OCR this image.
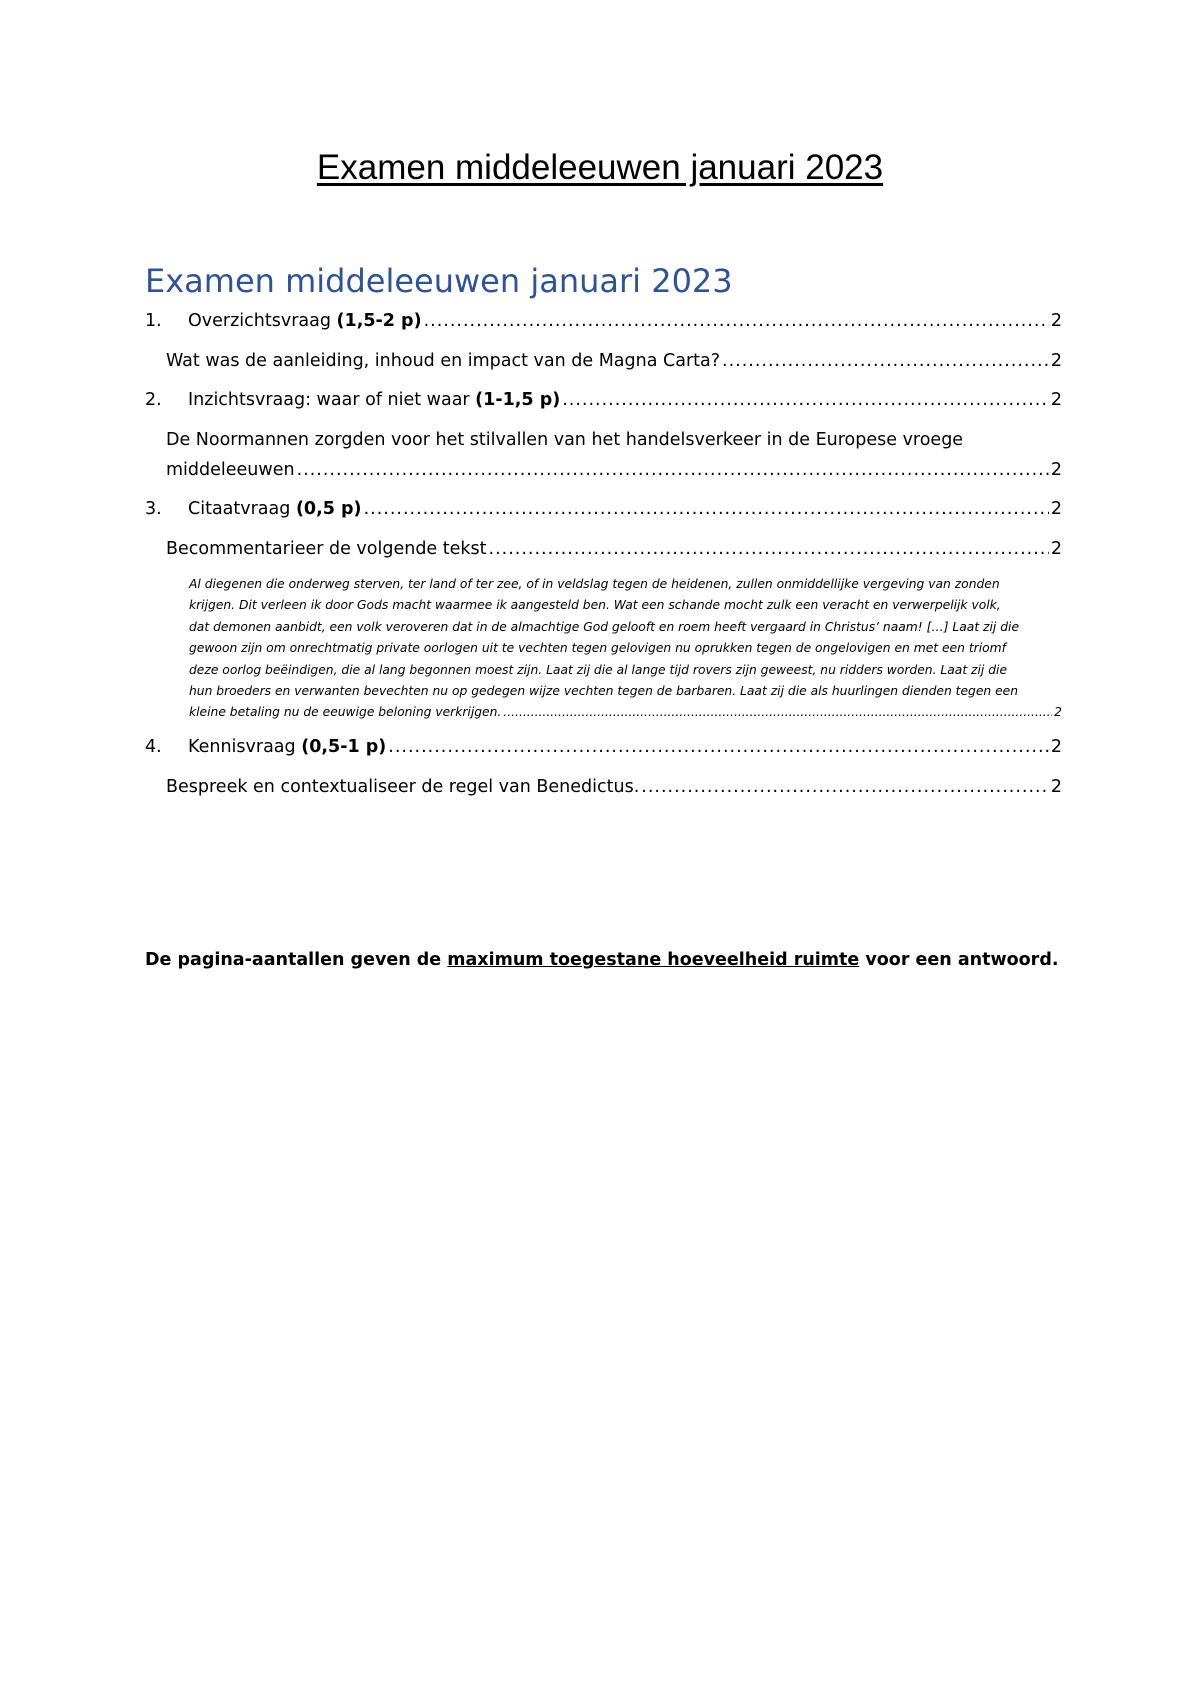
Examen middeleeuwen januari 2023
Examen middeleeuwen januari 2023
1.	Overzichtsvraag (1,5-2 p) .....	2
Wat was de aanleiding, inhoud en impact van de Magna Carta? .....	2
2.	Inzichtsvraag: waar of niet waar (1-1,5 p) .....	2
De Noormannen zorgden voor het stilvallen van het handelsverkeer in de Europese vroege
middeleeuwen .....	2
3.	Citaatvraag (0,5 p) .....	2
Becommentarieer de volgende tekst .....	2

Al diegenen die onderweg sterven, ter land of ter zee, of in veldslag tegen de heidenen, zullen onmiddellijke vergeving van zonden

krijgen. Dit verleen ik door Gods macht waarmee ik aangesteld ben. Wat een schande mocht zulk een veracht en verwerpelijk volk,

dat demonen aanbidt, een volk veroveren dat in de almachtige God gelooft en roem heeft vergaard in Christus’ naam! […] Laat zij die

gewoon zijn om onrechtmatig private oorlogen uit te vechten tegen gelovigen nu oprukken tegen de ongelovigen en met een triomf

deze oorlog beëindigen, die al lang begonnen moest zijn. Laat zij die al lange tijd rovers zijn geweest, nu ridders worden. Laat zij die

hun broeders en verwanten bevechten nu op gedegen wijze vechten tegen de barbaren. Laat zij die als huurlingen dienden tegen een

kleine betaling nu de eeuwige beloning verkrijgen. .....	2

4.	Kennisvraag (0,5-1 p) .....	2
Bespreek en contextualiseer de regel van Benedictus. .....	2
De pagina-aantallen geven de maximum toegestane hoeveelheid ruimte voor een antwoord.
